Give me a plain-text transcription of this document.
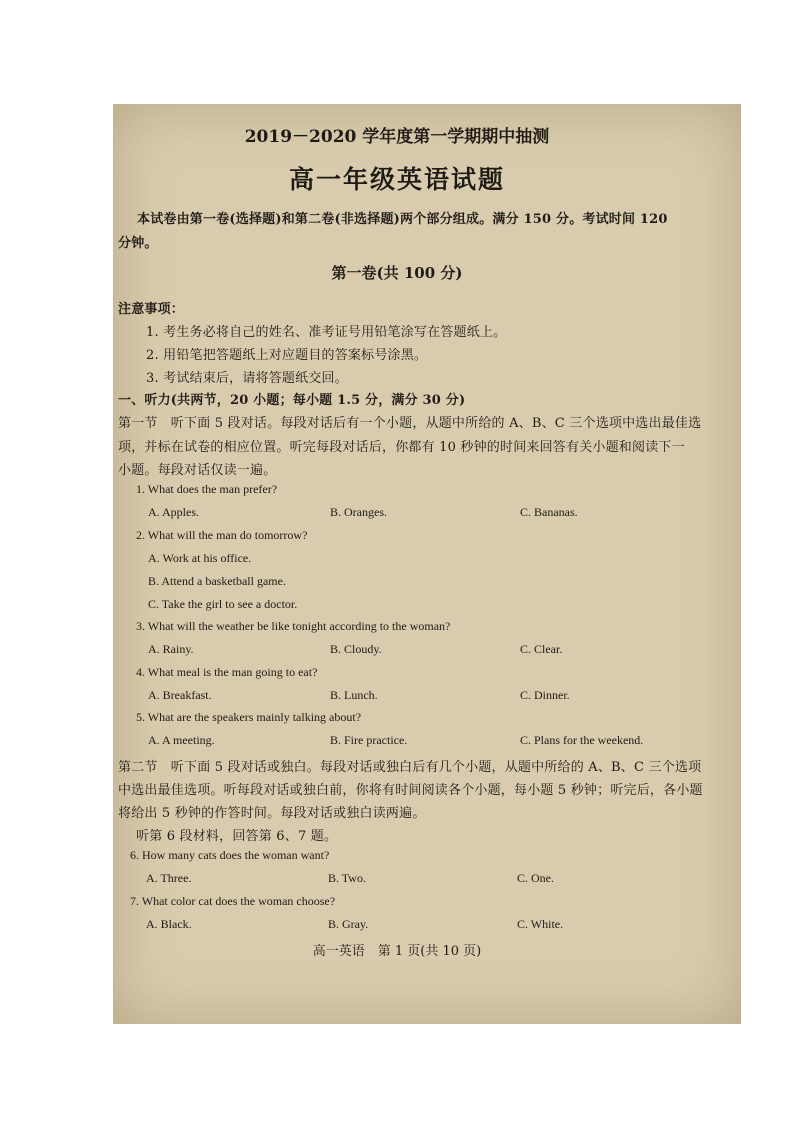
2019－2020 学年度第一学期期中抽测
高一年级英语试题
本试卷由第一卷(选择题)和第二卷(非选择题)两个部分组成。满分 150 分。考试时间 120
分钟。
第一卷(共 100 分)
注意事项：
1. 考生务必将自己的姓名、准考证号用铅笔涂写在答题纸上。
2. 用铅笔把答题纸上对应题目的答案标号涂黑。
3. 考试结束后，请将答题纸交回。
一、听力(共两节，20 小题；每小题 1.5 分，满分 30 分)
第一节　听下面 5 段对话。每段对话后有一个小题，从题中所给的 A、B、C 三个选项中选出最佳选
项，并标在试卷的相应位置。听完每段对话后，你都有 10 秒钟的时间来回答有关小题和阅读下一
小题。每段对话仅读一遍。
1. What does the man prefer?
A. Apples.	B. Oranges.	C. Bananas.
2. What will the man do tomorrow?
A. Work at his office.
B. Attend a basketball game.
C. Take the girl to see a doctor.
3. What will the weather be like tonight according to the woman?
A. Rainy.	B. Cloudy.	C. Clear.
4. What meal is the man going to eat?
A. Breakfast.	B. Lunch.	C. Dinner.
5. What are the speakers mainly talking about?
A. A meeting.	B. Fire practice.	C. Plans for the weekend.
第二节　听下面 5 段对话或独白。每段对话或独白后有几个小题，从题中所给的 A、B、C 三个选项
中选出最佳选项。听每段对话或独白前，你将有时间阅读各个小题，每小题 5 秒钟；听完后，各小题
将给出 5 秒钟的作答时间。每段对话或独白读两遍。
听第 6 段材料，回答第 6、7 题。
6. How many cats does the woman want?
A. Three.	B. Two.	C. One.
7. What color cat does the woman choose?
A. Black.	B. Gray.	C. White.
高一英语　第 1 页(共 10 页)
